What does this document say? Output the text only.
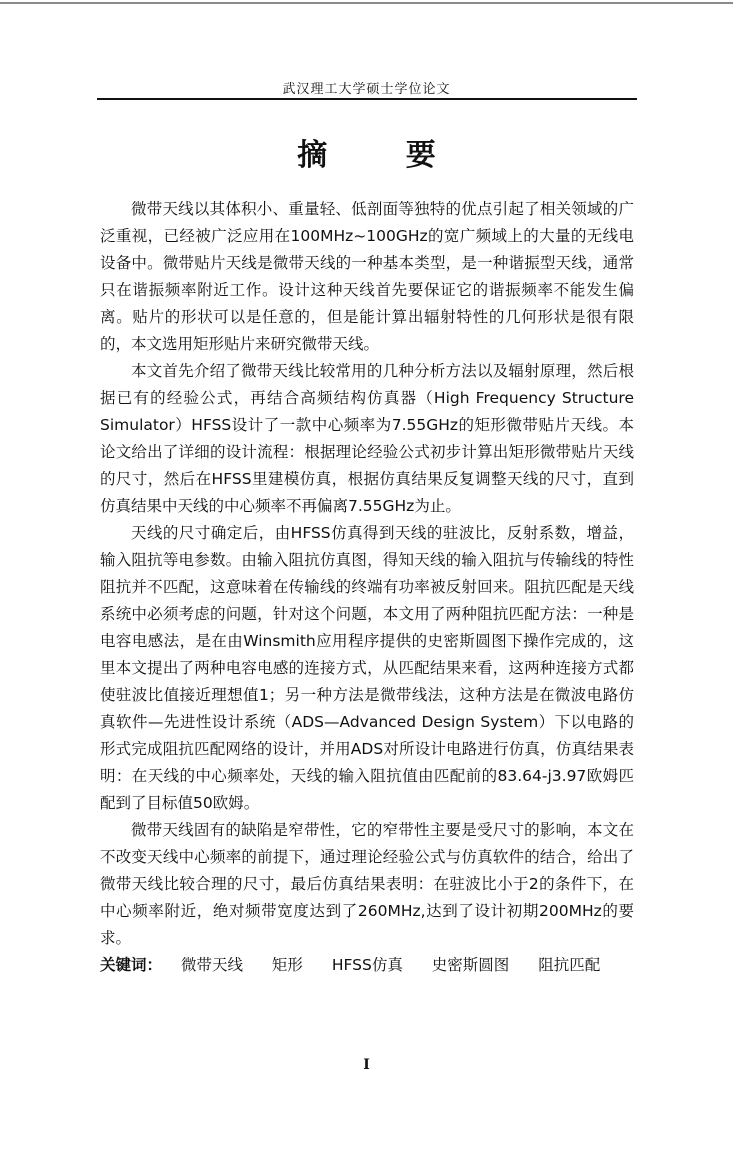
武汉理工大学硕士学位论文
摘 要

微带天线以其体积小、重量轻、低剖面等独特的优点引起了相关领域的广泛重视，已经被广泛应用在100MHz~100GHz的宽广频域上的大量的无线电设备中。微带贴片天线是微带天线的一种基本类型，是一种谐振型天线，通常只在谐振频率附近工作。设计这种天线首先要保证它的谐振频率不能发生偏离。贴片的形状可以是任意的，但是能计算出辐射特性的几何形状是很有限的，本文选用矩形贴片来研究微带天线。

本文首先介绍了微带天线比较常用的几种分析方法以及辐射原理，然后根据已有的经验公式，再结合高频结构仿真器（High Frequency Structure Simulator）HFSS设计了一款中心频率为7.55GHz的矩形微带贴片天线。本论文给出了详细的设计流程：根据理论经验公式初步计算出矩形微带贴片天线的尺寸，然后在HFSS里建模仿真，根据仿真结果反复调整天线的尺寸，直到仿真结果中天线的中心频率不再偏离7.55GHz为止。

天线的尺寸确定后，由HFSS仿真得到天线的驻波比，反射系数，增益，输入阻抗等电参数。由输入阻抗仿真图，得知天线的输入阻抗与传输线的特性阻抗并不匹配，这意味着在传输线的终端有功率被反射回来。阻抗匹配是天线系统中必须考虑的问题，针对这个问题，本文用了两种阻抗匹配方法：一种是电容电感法，是在由Winsmith应用程序提供的史密斯圆图下操作完成的，这里本文提出了两种电容电感的连接方式，从匹配结果来看，这两种连接方式都使驻波比值接近理想值1；另一种方法是微带线法，这种方法是在微波电路仿真软件—先进性设计系统（ADS—Advanced Design System）下以电路的形式完成阻抗匹配网络的设计，并用ADS对所设计电路进行仿真，仿真结果表明：在天线的中心频率处，天线的输入阻抗值由匹配前的83.64-j3.97欧姆匹配到了目标值50欧姆。

微带天线固有的缺陷是窄带性，它的窄带性主要是受尺寸的影响，本文在不改变天线中心频率的前提下，通过理论经验公式与仿真软件的结合，给出了微带天线比较合理的尺寸，最后仿真结果表明：在驻波比小于2的条件下，在中心频率附近，绝对频带宽度达到了260MHz,达到了设计初期200MHz的要求。

关键词： 微带天线 矩形 HFSS仿真 史密斯圆图 阻抗匹配

I
